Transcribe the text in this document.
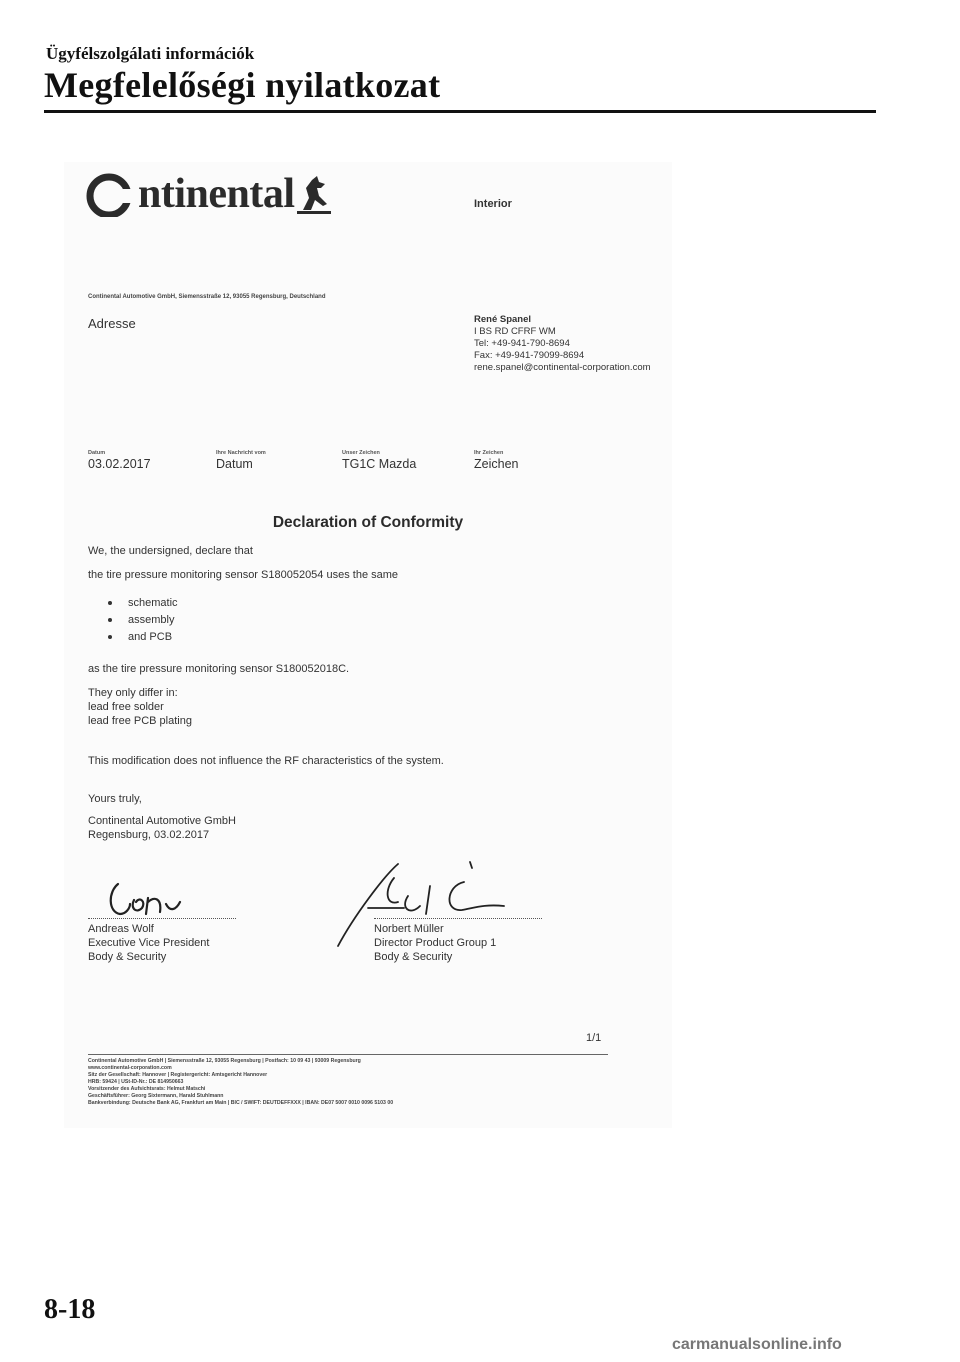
Ügyfélszolgálati információk
Megfelelőségi nyilatkozat
ntinental	Interior
Continental Automotive GmbH, Siemensstraße 12, 93055 Regensburg, Deutschland
Adresse	René Spanel
I BS RD CFRF WM
Tel: +49-941-790-8694
Fax: +49-941-79099-8694
rene.spanel@continental-corporation.com
Datum
03.02.2017
Ihre Nachricht vom
Datum
Unser Zeichen
TG1C Mazda
Ihr Zeichen
Zeichen
Declaration of Conformity
We, the undersigned, declare that
the tire pressure monitoring sensor S180052054 uses the same
schematic
assembly
and PCB
as the tire pressure monitoring sensor S180052018C.
They only differ in:
lead free solder
lead free PCB plating
This modification does not influence the RF characteristics of the system.
Yours truly,
Continental Automotive GmbH
Regensburg, 03.02.2017
Andreas Wolf
Executive Vice President
Body & Security
Norbert Müller
Director Product Group 1
Body & Security
1/1
Continental Automotive GmbH | Siemensstraße 12, 93055 Regensburg | Postfach: 10 09 43 | 93009 Regensburg
www.continental-corporation.com
Sitz der Gesellschaft: Hannover | Registergericht: Amtsgericht Hannover
HRB: 59424 | USt-ID-Nr.: DE 814950663
Vorsitzender des Aufsichtsrats: Helmut Matschi
Geschäftsführer: Georg Sixtermann, Harald Stuhlmann
Bankverbindung: Deutsche Bank AG, Frankfurt am Main | BIC / SWIFT: DEUTDEFFXXX | IBAN: DE07 5007 0010 0096 5103 00
8-18
carmanualsonline.info
